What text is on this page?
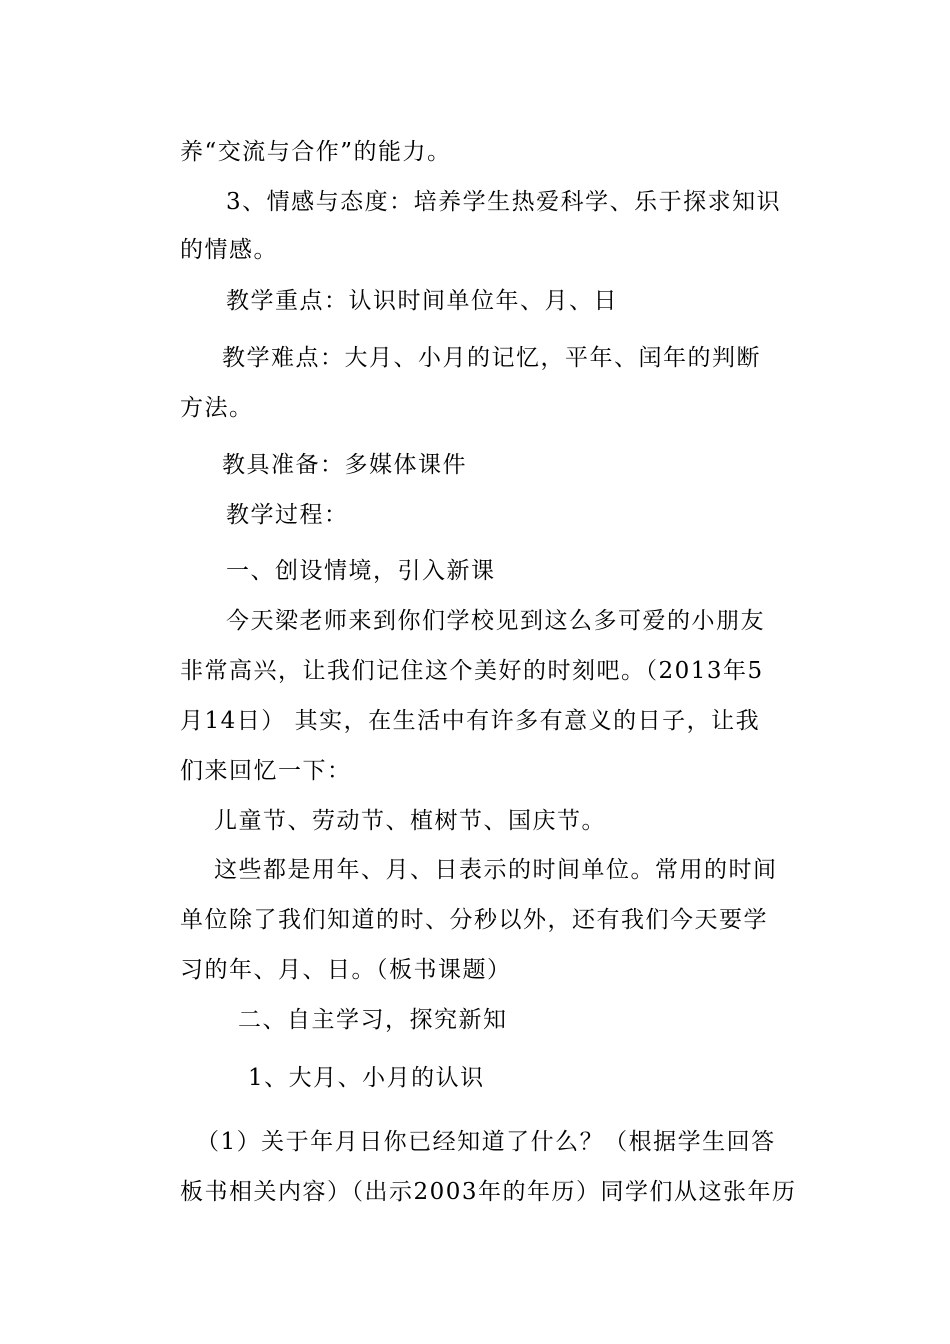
养“交流与合作”的能力。
3、情感与态度：培养学生热爱科学、乐于探求知识
的情感。
教学重点：认识时间单位年、月、日
教学难点：大月、小月的记忆，平年、闰年的判断
方法。
教具准备：多媒体课件
教学过程：
一、创设情境，引入新课
今天梁老师来到你们学校见到这么多可爱的小朋友
非常高兴，让我们记住这个美好的时刻吧。（2013年5
月14日） 其实，在生活中有许多有意义的日子，让我
们来回忆一下：
儿童节、劳动节、植树节、国庆节。
这些都是用年、月、日表示的时间单位。常用的时间
单位除了我们知道的时、分秒以外，还有我们今天要学
习的年、月、日。（板书课题）
二、自主学习，探究新知
1、大月、小月的认识
（1）关于年月日你已经知道了什么？（根据学生回答
板书相关内容）（出示2003年的年历）同学们从这张年历
